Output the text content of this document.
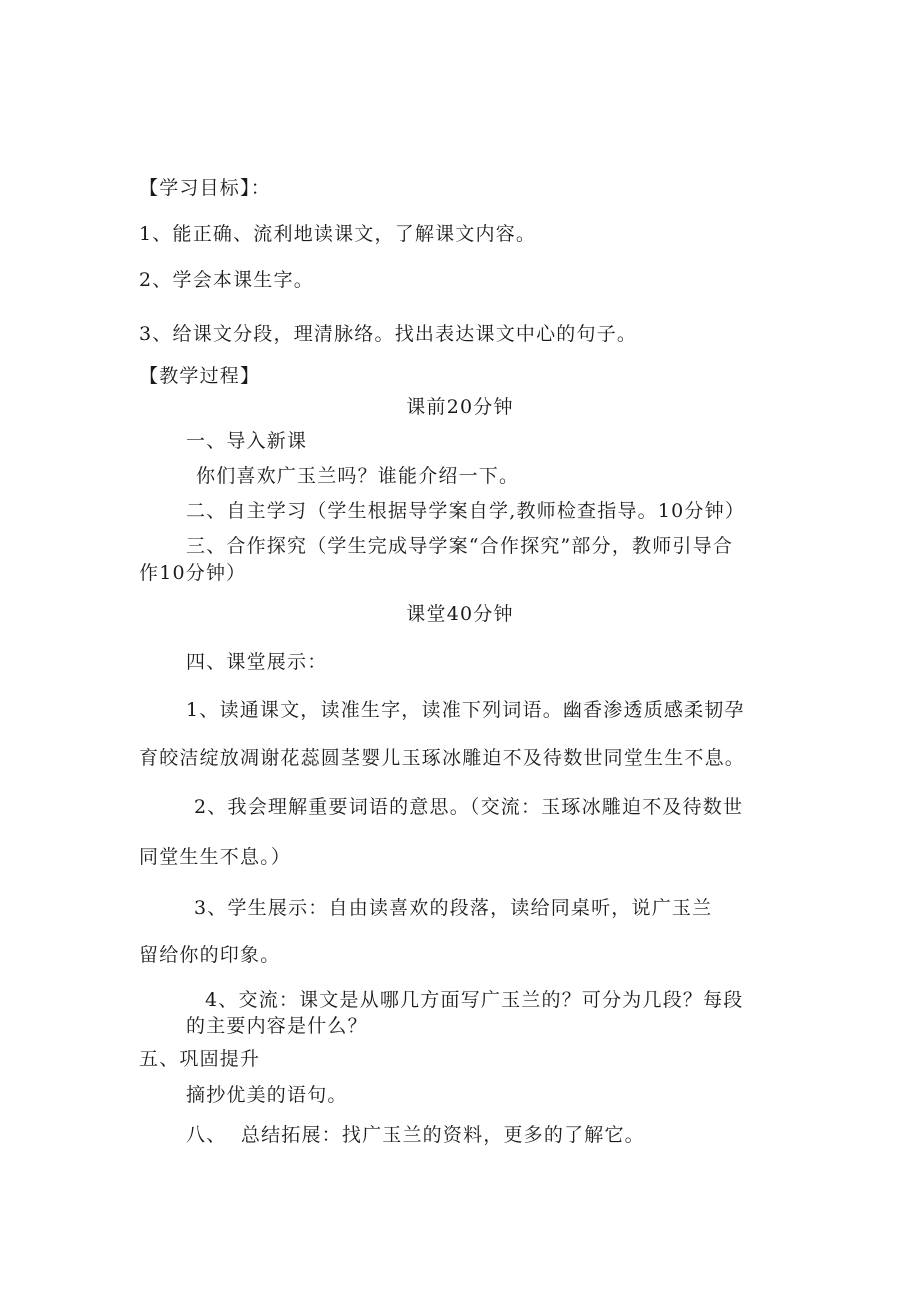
【学习目标】：
1、能正确、流利地读课文，了解课文内容。
2、学会本课生字。
3、给课文分段，理清脉络。找出表达课文中心的句子。
【教学过程】
课前20分钟
一、导入新课
你们喜欢广玉兰吗？谁能介绍一下。
二、自主学习（学生根据导学案自学,教师检查指导。10分钟）
三、合作探究（学生完成导学案“合作探究”部分，教师引导合
作10分钟）
课堂40分钟
四、课堂展示：
1、读通课文，读准生字，读准下列词语。幽香渗透质感柔韧孕
育皎洁绽放凋谢花蕊圆茎婴儿玉琢冰雕迫不及待数世同堂生生不息。
2、我会理解重要词语的意思。（交流：玉琢冰雕迫不及待数世
同堂生生不息。）
3、学生展示：自由读喜欢的段落，读给同桌听，说广玉兰
留给你的印象。
4、交流：课文是从哪几方面写广玉兰的？可分为几段？每段
的主要内容是什么？
五、巩固提升
摘抄优美的语句。
八、  总结拓展：找广玉兰的资料，更多的了解它。
